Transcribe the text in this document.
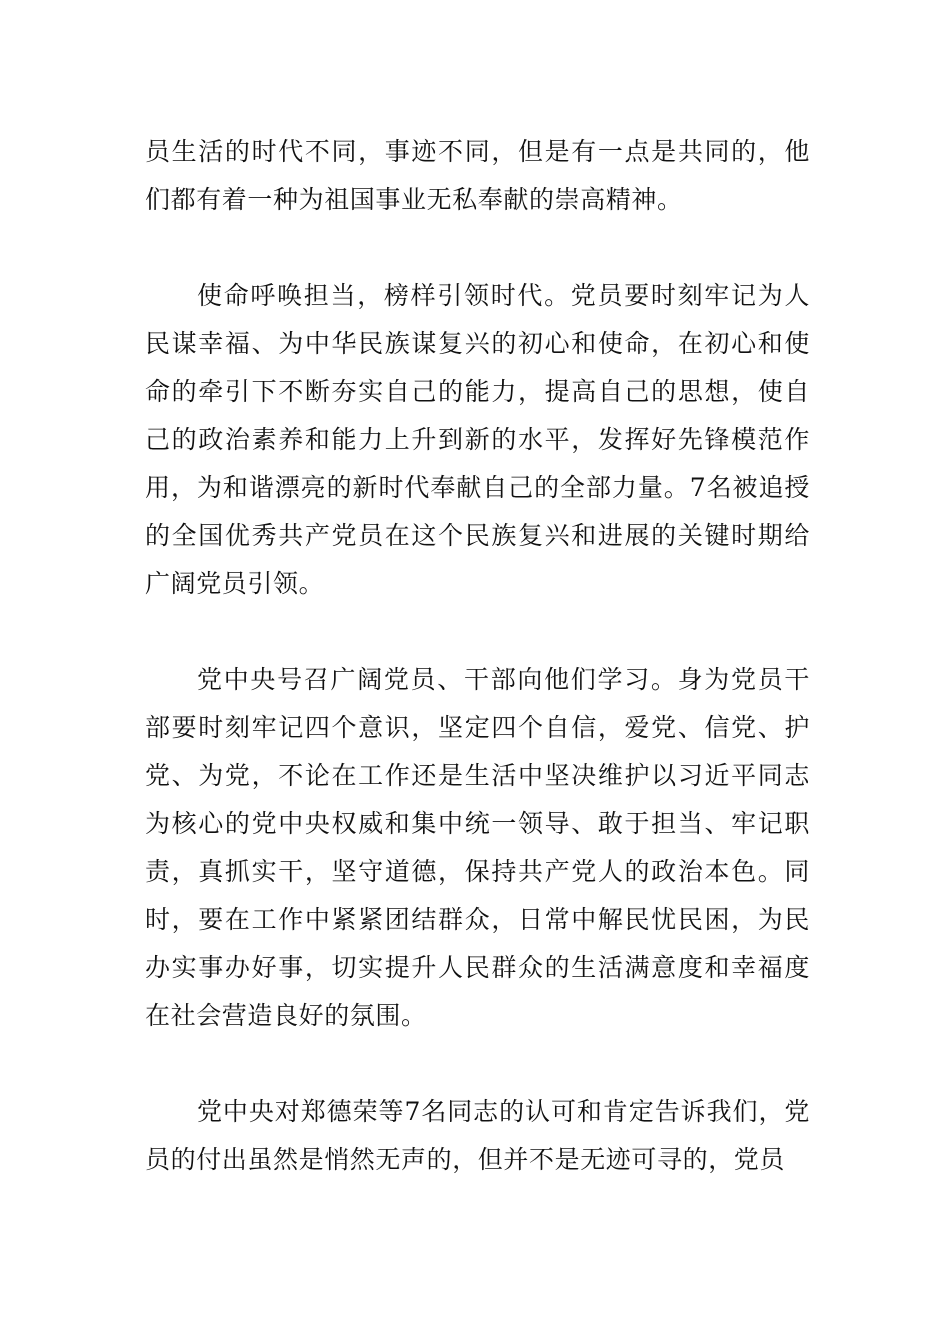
员生活的时代不同，事迹不同，但是有一点是共同的，他们都有着一种为祖国事业无私奉献的崇高精神。

使命呼唤担当，榜样引领时代。党员要时刻牢记为人民谋幸福、为中华民族谋复兴的初心和使命，在初心和使命的牵引下不断夯实自己的能力，提高自己的思想，使自己的政治素养和能力上升到新的水平，发挥好先锋模范作用，为和谐漂亮的新时代奉献自己的全部力量。7名被追授的全国优秀共产党员在这个民族复兴和进展的关键时期给广阔党员引领。

党中央号召广阔党员、干部向他们学习。身为党员干部要时刻牢记四个意识，坚定四个自信，爱党、信党、护党、为党，不论在工作还是生活中坚决维护以习近平同志为核心的党中央权威和集中统一领导、敢于担当、牢记职责，真抓实干，坚守道德，保持共产党人的政治本色。同时，要在工作中紧紧团结群众，日常中解民忧民困，为民办实事办好事，切实提升人民群众的生活满意度和幸福度在社会营造良好的氛围。

党中央对郑德荣等7名同志的认可和肯定告诉我们，党员的付出虽然是悄然无声的，但并不是无迹可寻的，党员
